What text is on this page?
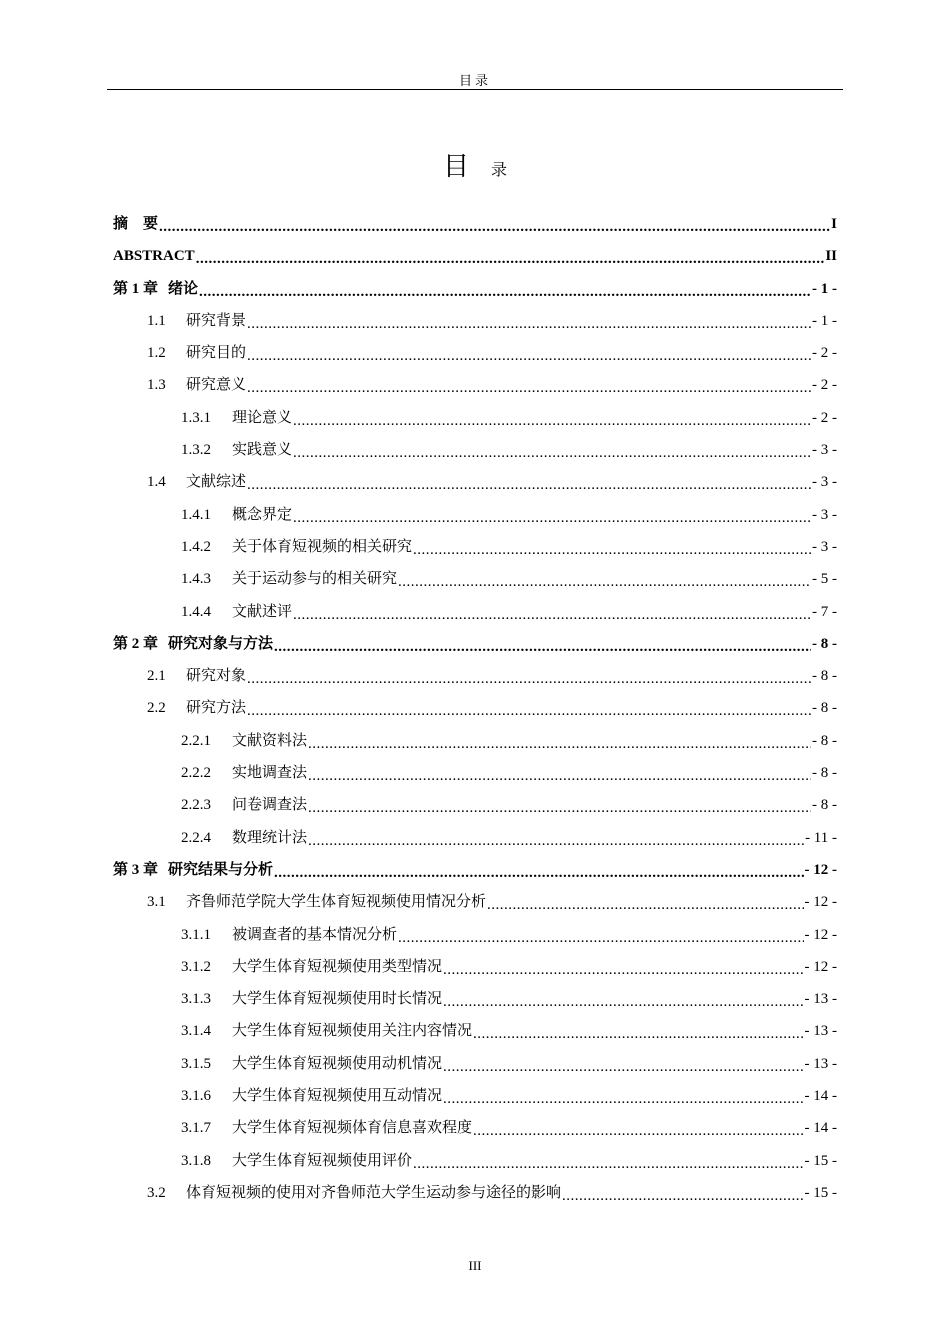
目录
目 录
摘　要 .....	I
ABSTRACT .....	II
第 1 章 绪论 .....	- 1 -
1.1	研究背景 .....	- 1 -
1.2	研究目的 .....	- 2 -
1.3	研究意义 .....	- 2 -
1.3.1	理论意义 .....	- 2 -
1.3.2	实践意义 .....	- 3 -
1.4	文献综述 .....	- 3 -
1.4.1	概念界定 .....	- 3 -
1.4.2	关于体育短视频的相关研究 .....	- 3 -
1.4.3	关于运动参与的相关研究 .....	- 5 -
1.4.4	文献述评 .....	- 7 -
第 2 章 研究对象与方法 .....	- 8 -
2.1	研究对象 .....	- 8 -
2.2	研究方法 .....	- 8 -
2.2.1	文献资料法 .....	- 8 -
2.2.2	实地调查法 .....	- 8 -
2.2.3	问卷调查法 .....	- 8 -
2.2.4	数理统计法 .....	- 11 -
第 3 章 研究结果与分析 .....	- 12 -
3.1	齐鲁师范学院大学生体育短视频使用情况分析 .....	- 12 -
3.1.1	被调查者的基本情况分析 .....	- 12 -
3.1.2	大学生体育短视频使用类型情况 .....	- 12 -
3.1.3	大学生体育短视频使用时长情况 .....	- 13 -
3.1.4	大学生体育短视频使用关注内容情况 .....	- 13 -
3.1.5	大学生体育短视频使用动机情况 .....	- 13 -
3.1.6	大学生体育短视频使用互动情况 .....	- 14 -
3.1.7	大学生体育短视频体育信息喜欢程度 .....	- 14 -
3.1.8	大学生体育短视频使用评价 .....	- 15 -
3.2	体育短视频的使用对齐鲁师范大学生运动参与途径的影响 .....	- 15 -
III
